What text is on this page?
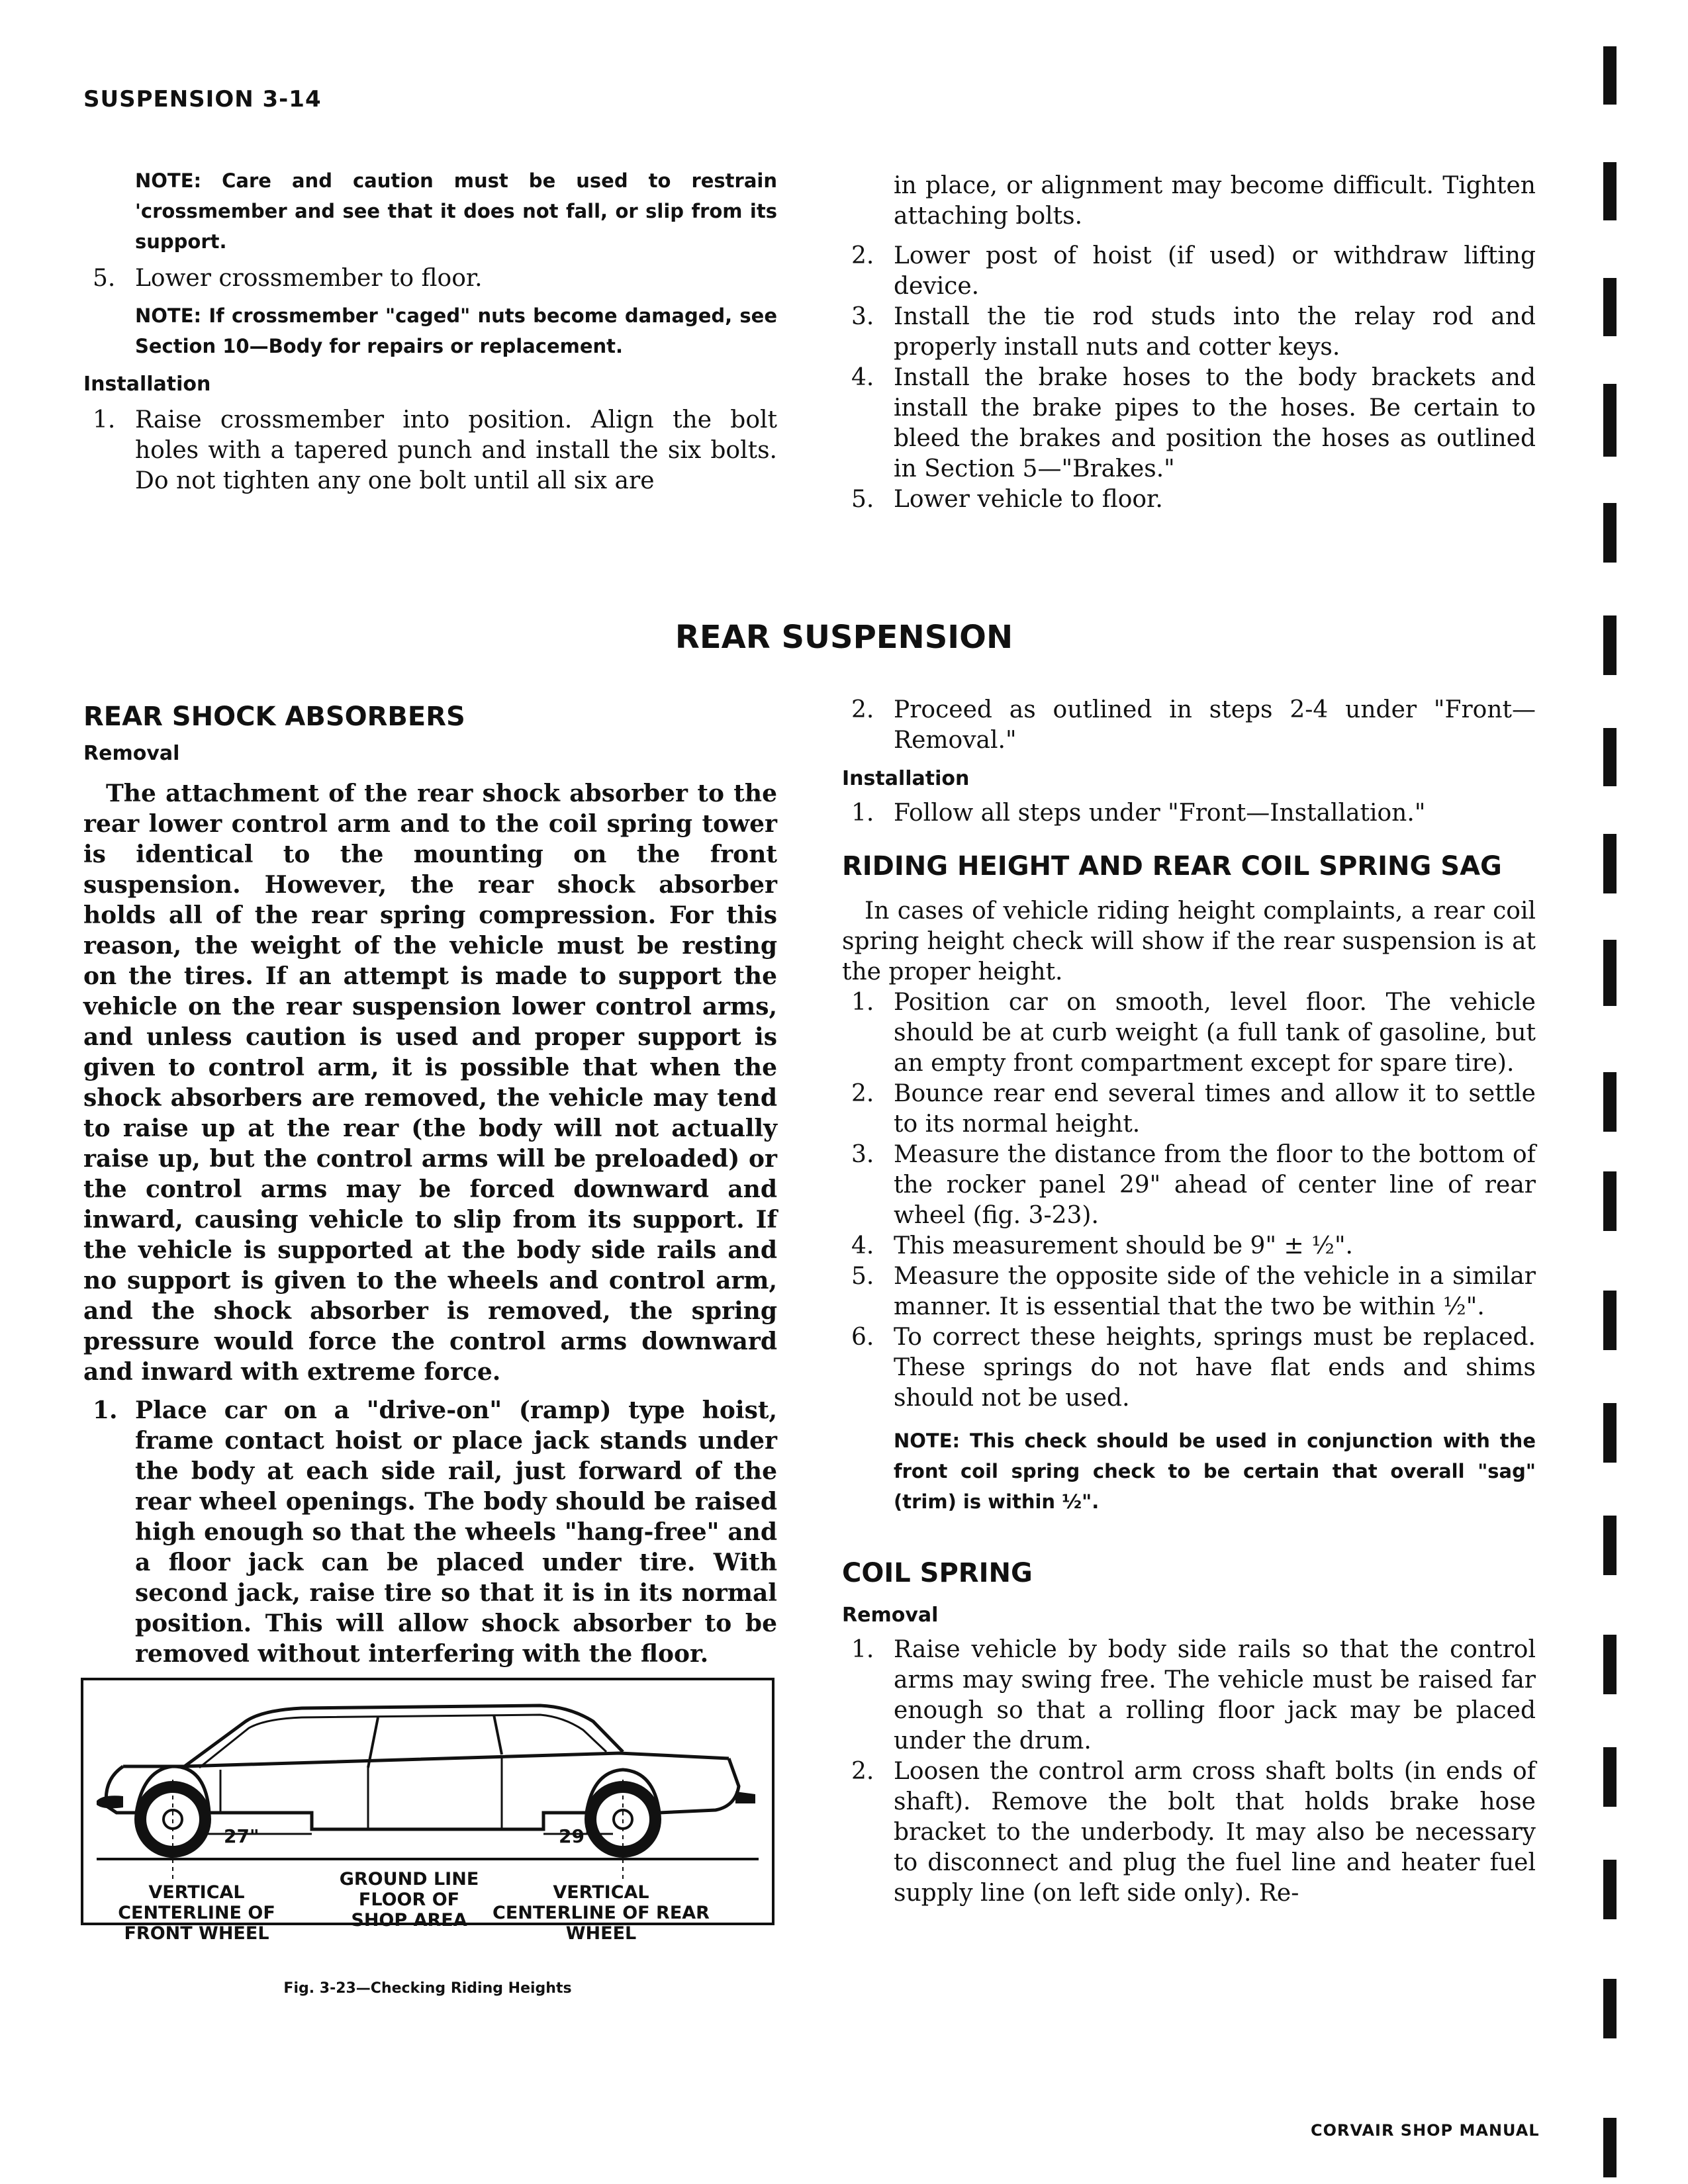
SUSPENSION 3-14

NOTE: Care and caution must be used to restrain 'crossmember and see that it does not fall, or slip from its support.

5. Lower crossmember to floor.

NOTE: If crossmember "caged" nuts become damaged, see Section 10—Body for repairs or replacement.

Installation

1. Raise crossmember into position. Align the bolt holes with a tapered punch and install the six bolts. Do not tighten any one bolt until all six are

in place, or alignment may become difficult. Tighten attaching bolts.

2. Lower post of hoist (if used) or withdraw lifting device.
3. Install the tie rod studs into the relay rod and properly install nuts and cotter keys.
4. Install the brake hoses to the body brackets and install the brake pipes to the hoses. Be certain to bleed the brakes and position the hoses as outlined in Section 5—"Brakes."
5. Lower vehicle to floor.
REAR SUSPENSION

REAR SHOCK ABSORBERS

Removal

The attachment of the rear shock absorber to the rear lower control arm and to the coil spring tower is identical to the mounting on the front suspension. However, the rear shock absorber holds all of the rear spring compression. For this reason, the weight of the vehicle must be resting on the tires. If an attempt is made to support the vehicle on the rear suspension lower control arms, and unless caution is used and proper support is given to control arm, it is possible that when the shock absorbers are removed, the vehicle may tend to raise up at the rear (the body will not actually raise up, but the control arms will be preloaded) or the control arms may be forced downward and inward, causing vehicle to slip from its support. If the vehicle is supported at the body side rails and no support is given to the wheels and control arm, and the shock absorber is removed, the spring pressure would force the control arms downward and inward with extreme force.

1. Place car on a "drive-on" (ramp) type hoist, frame contact hoist or place jack stands under the body at each side rail, just forward of the rear wheel openings. The body should be raised high enough so that the wheels "hang-free" and a floor jack can be placed under tire. With second jack, raise tire so that it is in its normal position. This will allow shock absorber to be removed without interfering with the floor.
27"	29"
GROUND LINE FLOOR OF SHOP AREA
VERTICAL CENTERLINE OF FRONT WHEEL
VERTICAL CENTERLINE OF REAR WHEEL
Fig. 3-23—Checking Riding Heights
2. Proceed as outlined in steps 2-4 under "Front—Removal."

Installation

1. Follow all steps under "Front—Installation."

RIDING HEIGHT AND REAR COIL SPRING SAG

In cases of vehicle riding height complaints, a rear coil spring height check will show if the rear suspension is at the proper height.

1. Position car on smooth, level floor. The vehicle should be at curb weight (a full tank of gasoline, but an empty front compartment except for spare tire).
2. Bounce rear end several times and allow it to settle to its normal height.
3. Measure the distance from the floor to the bottom of the rocker panel 29" ahead of center line of rear wheel (fig. 3-23).
4. This measurement should be 9" ± ½".
5. Measure the opposite side of the vehicle in a similar manner. It is essential that the two be within ½".
6. To correct these heights, springs must be replaced. These springs do not have flat ends and shims should not be used.

NOTE: This check should be used in conjunction with the front coil spring check to be certain that overall "sag" (trim) is within ½".

COIL SPRING

Removal

1. Raise vehicle by body side rails so that the control arms may swing free. The vehicle must be raised far enough so that a rolling floor jack may be placed under the drum.
2. Loosen the control arm cross shaft bolts (in ends of shaft). Remove the bolt that holds brake hose bracket to the underbody. It may also be necessary to disconnect and plug the fuel line and heater fuel supply line (on left side only). Re-
CORVAIR SHOP MANUAL
